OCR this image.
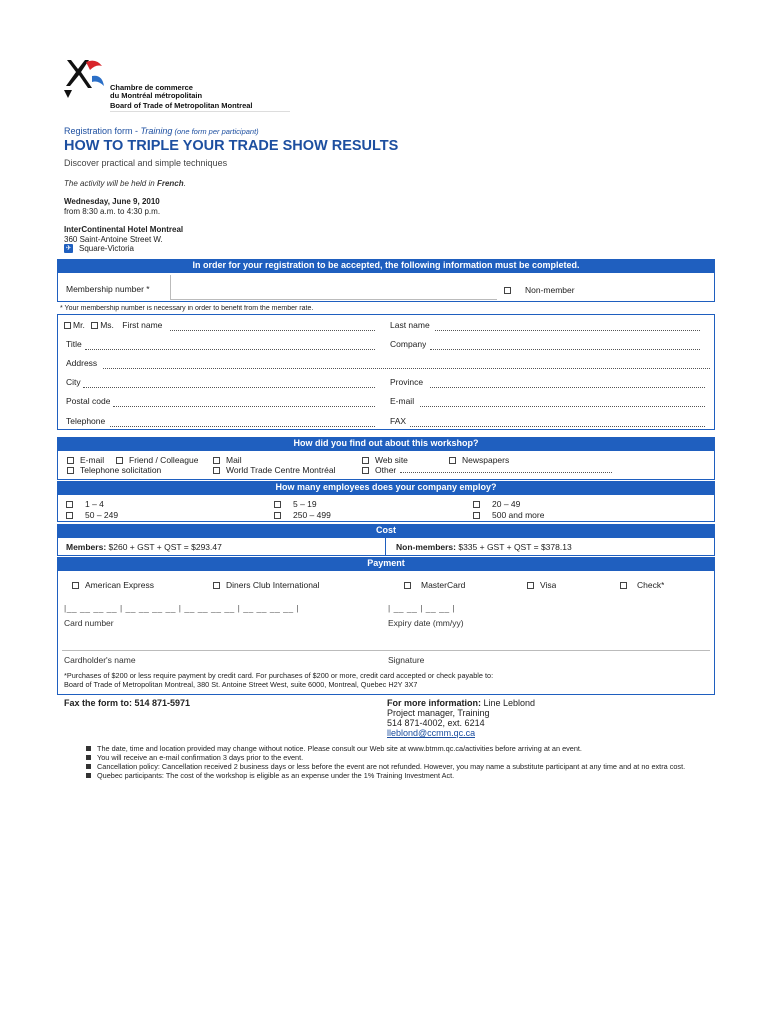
Chambre de commerce
du Montréal métropolitain
Board of Trade of Metropolitan Montreal
Registration form - Training (one form per participant)
HOW TO TRIPLE YOUR TRADE SHOW RESULTS
Discover practical and simple techniques
The activity will be held in French.
Wednesday, June 9, 2010
from 8:30 a.m. to 4:30 p.m.
InterContinental Hotel Montreal
360 Saint-Antoine Street W.
✈ Square-Victoria
In order for your registration to be accepted, the following information must be completed.
Membership number *	Non-member
* Your membership number is necessary in order to benefit from the member rate.
Mr. Ms. First name	Last name
Title	Company
Address
City	Province
Postal code	E-mail
Telephone	FAX
How did you find out about this workshop?
E-mail	Friend / Colleague	Mail	Web site	Newspapers
Telephone solicitation	World Trade Centre Montréal	Other
How many employees does your company employ?
1 – 4	5 – 19	20 – 49
50 – 249	250 – 499	500 and more
Cost
Members: $260 + GST + QST = $293.47	Non-members: $335 + GST + QST = $378.13
Payment
American Express	Diners Club International	MasterCard	Visa	Check*
|__ __ __ __ | __ __ __ __ | __ __ __ __ | __ __ __ __ |	| __ __ | __ __ |
Card number	Expiry date (mm/yy)
Cardholder's name	Signature
*Purchases of $200 or less require payment by credit card. For purchases of $200 or more, credit card accepted or check payable to:
Board of Trade of Metropolitan Montreal, 380 St. Antoine Street West, suite 6000, Montreal, Quebec H2Y 3X7
Fax the form to: 514 871-5971	For more information: Line Leblond
Project manager, Training
514 871-4002, ext. 6214
lleblond@ccmm.qc.ca
The date, time and location provided may change without notice. Please consult our Web site at www.btmm.qc.ca/activities before arriving at an event.
You will receive an e-mail confirmation 3 days prior to the event.
Cancellation policy: Cancellation received 2 business days or less before the event are not refunded. However, you may name a substitute participant at any time and at no extra cost.
Quebec participants: The cost of the workshop is eligible as an expense under the 1% Training Investment Act.
